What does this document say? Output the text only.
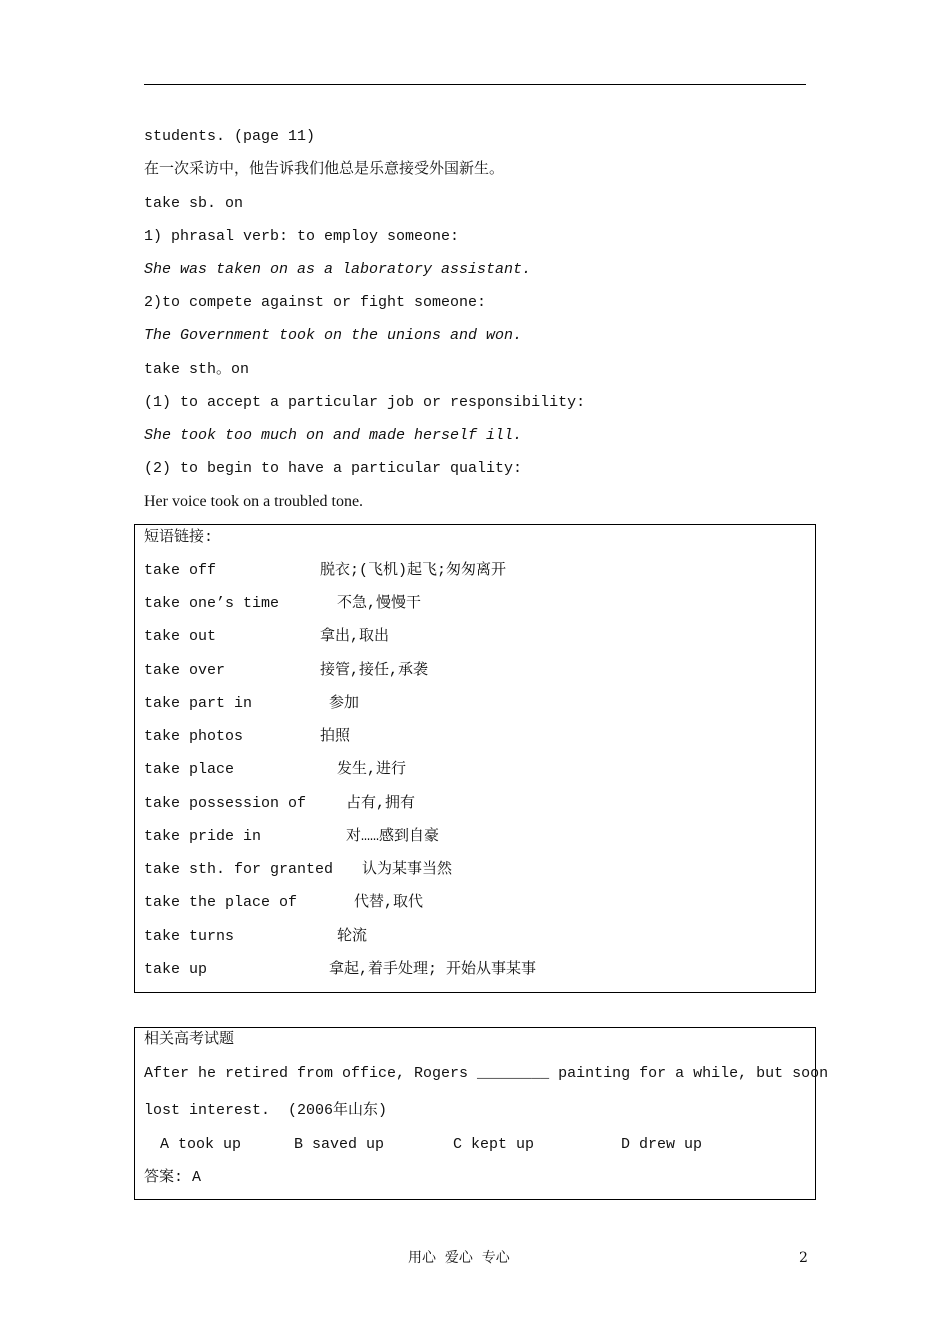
students. (page 11)
在一次采访中，他告诉我们他总是乐意接受外国新生。
take sb. on
1) phrasal verb: to employ someone:
She was taken on as a laboratory assistant.
2)to compete against or fight someone:
The Government took on the unions and won.
take sth。on
(1) to accept a particular job or responsibility:
She took too much on and made herself ill.
(2) to begin to have a particular quality:
Her voice took on a troubled tone.
短语链接:
take off	脱衣;(飞机)起飞;匆匆离开
take one’s time	不急,慢慢干
take out	拿出,取出
take over	接管,接任,承袭
take part in	参加
take photos	拍照
take place	发生,进行
take possession of	占有,拥有
take pride in	对……感到自豪
take sth. for granted 认为某事当然
take the place of	代替,取代
take turns	轮流
take up	拿起,着手处理; 开始从事某事
相关高考试题
After he retired from office, Rogers ________ painting for a while, but soon
lost interest.  (2006年山东)
A took up	B saved up	C kept up	D drew up
答案: A
用心  爱心  专心	2
